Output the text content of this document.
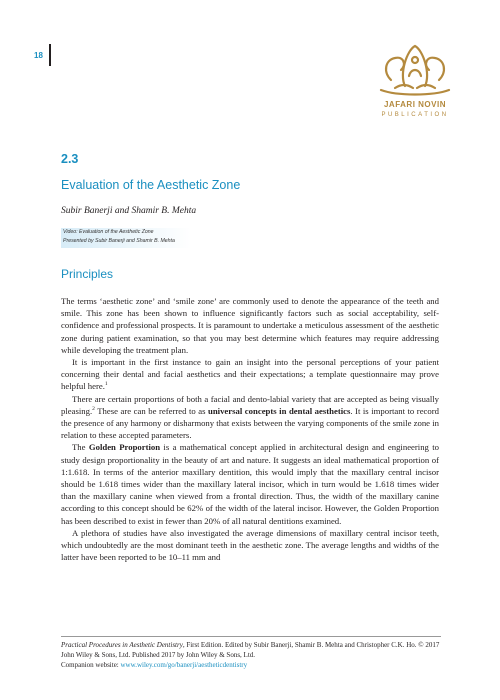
18
JAFARI NOVIN
PUBLICATION
2.3
Evaluation of the Aesthetic Zone
Subir Banerji and Shamir B. Mehta
Video: Evaluation of the Aesthetic Zone
Presented by Subir Banerji and Shamir B. Mehta
Principles

The terms ‘aesthetic zone’ and ‘smile zone’ are commonly used to denote the appearance of the teeth and smile. This zone has been shown to influence significantly factors such as social acceptability, self-confidence and professional prospects. It is paramount to undertake a meticulous assessment of the aesthetic zone during patient examination, so that you may best determine which features may require addressing while developing the treatment plan.

It is important in the first instance to gain an insight into the personal perceptions of your patient concerning their dental and facial aesthetics and their expectations; a template questionnaire may prove helpful here.$^1$

There are certain proportions of both a facial and dento-labial variety that are accepted as being visually pleasing.$^2$ These are can be referred to as universal concepts in dental aesthetics. It is important to record the presence of any harmony or disharmony that exists between the varying components of the smile zone in relation to these accepted parameters.

The Golden Proportion is a mathematical concept applied in architectural design and engineering to study design proportionality in the beauty of art and nature. It suggests an ideal mathematical proportion of 1:1.618. In terms of the anterior maxillary dentition, this would imply that the maxillary central incisor should be 1.618 times wider than the maxillary lateral incisor, which in turn would be 1.618 times wider than the maxillary canine when viewed from a frontal direction. Thus, the width of the maxillary canine according to this concept should be 62% of the width of the lateral incisor. However, the Golden Proportion has been described to exist in fewer than 20% of all natural dentitions examined.

A plethora of studies have also investigated the average dimensions of maxillary central incisor teeth, which undoubtedly are the most dominant teeth in the aesthetic zone. The average lengths and widths of the latter have been reported to be 10–11 mm and

Practical Procedures in Aesthetic Dentistry, First Edition. Edited by Subir Banerji, Shamir B. Mehta and Christopher C.K. Ho. © 2017 John Wiley & Sons, Ltd. Published 2017 by John Wiley & Sons, Ltd.
Companion website: www.wiley.com/go/banerji/aestheticdentistry
